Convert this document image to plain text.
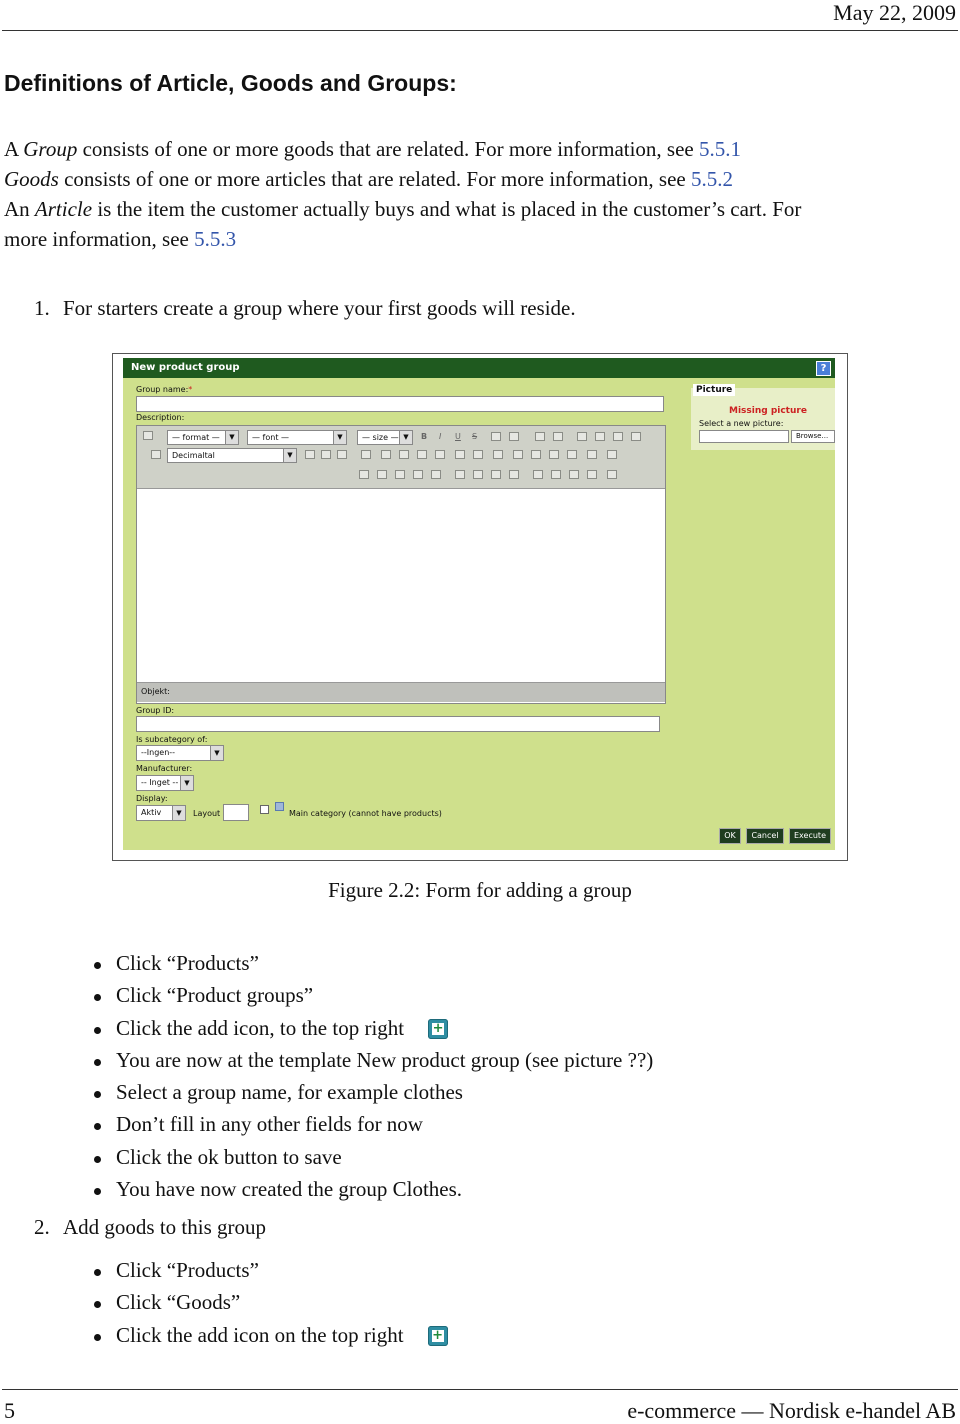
May 22, 2009
Definitions of Article, Goods and Groups:
A Group consists of one or more goods that are related. For more information, see 5.5.1
Goods consists of one or more articles that are related. For more information, see 5.5.2
An Article is the item the customer actually buys and what is placed in the customer’s cart. For
more information, see 5.5.3
1. For starters create a group where your first goods will reside.
New product group	?
Group name:*
Description:
— format —	▼	— font —	▼	— size — ▼	B I U S
Decimaltal	▼
Objekt:
Group ID:
Is subcategory of:
--Ingen--	▼
Manufacturer:
-- Inget -- ▼
Display:
Aktiv	▼	Layout	Main category (cannot have products)
Picture
Missing picture
Select a new picture:
Browse...
OK	Cancel	Execute
Figure 2.2: Form for adding a group
Click “Products”
Click “Product groups”
Click the add icon, to the top right +
You are now at the template New product group (see picture ??)
Select a group name, for example clothes
Don’t fill in any other fields for now
Click the ok button to save
You have now created the group Clothes.
2. Add goods to this group
Click “Products”
Click “Goods”
Click the add icon on the top right +
5	e-commerce — Nordisk e-handel AB
